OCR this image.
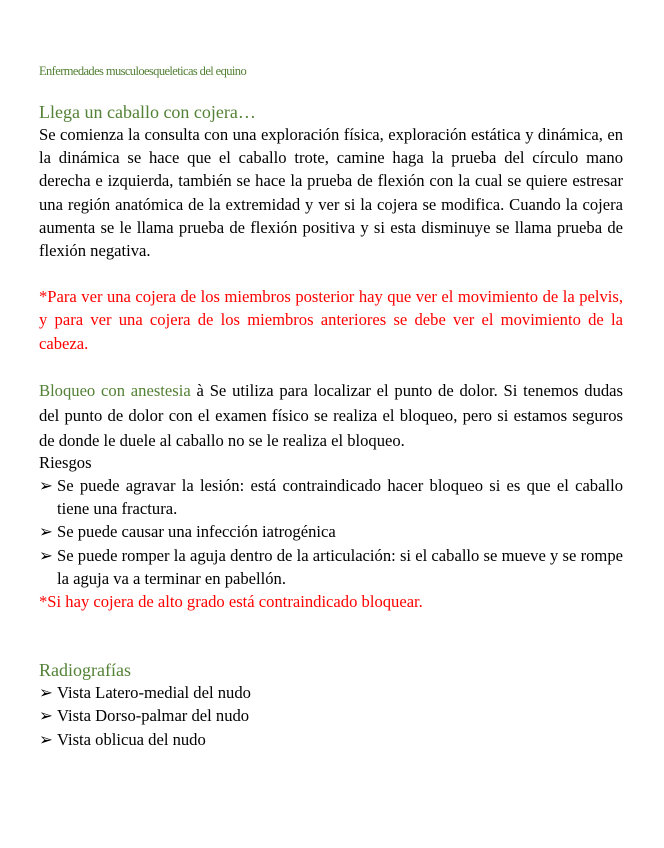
Enfermedades musculoesqueleticas del equino
Llega un caballo con cojera…

Se comienza la consulta con una exploración física, exploración estática y dinámica, en la dinámica se hace que el caballo trote, camine haga la prueba del círculo mano derecha e izquierda, también se hace la prueba de flexión con la cual se quiere estresar una región anatómica de la extremidad y ver si la cojera se modifica. Cuando la cojera aumenta se le llama prueba de flexión positiva y si esta disminuye se llama prueba de flexión negativa.

*Para ver una cojera de los miembros posterior hay que ver el movimiento de la pelvis, y para ver una cojera de los miembros anteriores se debe ver el movimiento de la cabeza.

Bloqueo con anestesia à Se utiliza para localizar el punto de dolor. Si tenemos dudas del punto de dolor con el examen físico se realiza el bloqueo, pero si estamos seguros de donde le duele al caballo no se le realiza el bloqueo.

Riesgos

➢ Se puede agravar la lesión: está contraindicado hacer bloqueo si es que el caballo tiene una fractura.
➢ Se puede causar una infección iatrogénica
➢ Se puede romper la aguja dentro de la articulación: si el caballo se mueve y se rompe la aguja va a terminar en pabellón.

*Si hay cojera de alto grado está contraindicado bloquear.

Radiografías
➢ Vista Latero-medial del nudo
➢ Vista Dorso-palmar del nudo
➢ Vista oblicua del nudo
